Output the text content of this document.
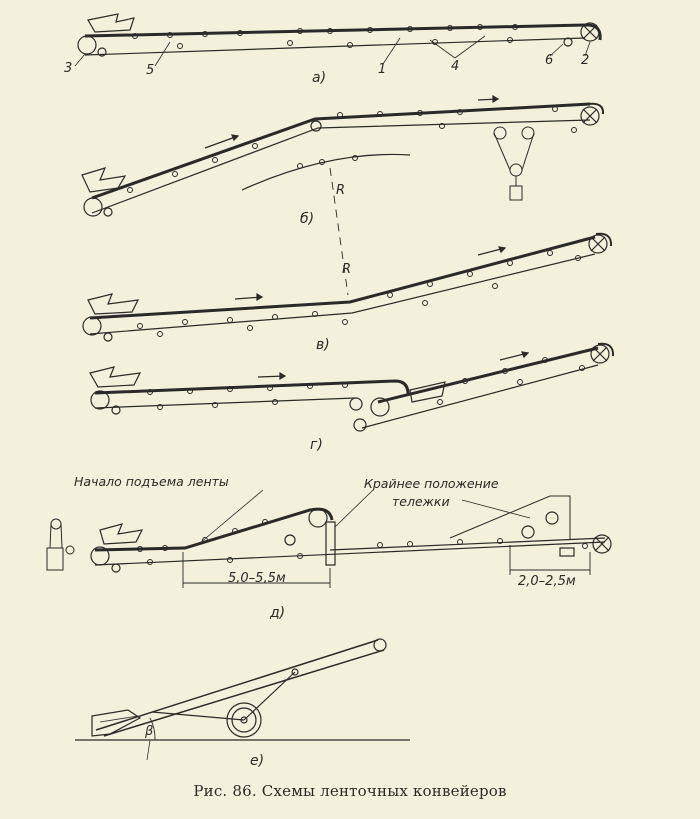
3	5	1	4	6 2
а)
б)
в)
г)
д)
е)
R
R
Начало подъема ленты	Крайнее положение
тележки
5,0–5,5м	2,0–2,5м
β
Рис. 86. Схемы ленточных конвейеров
